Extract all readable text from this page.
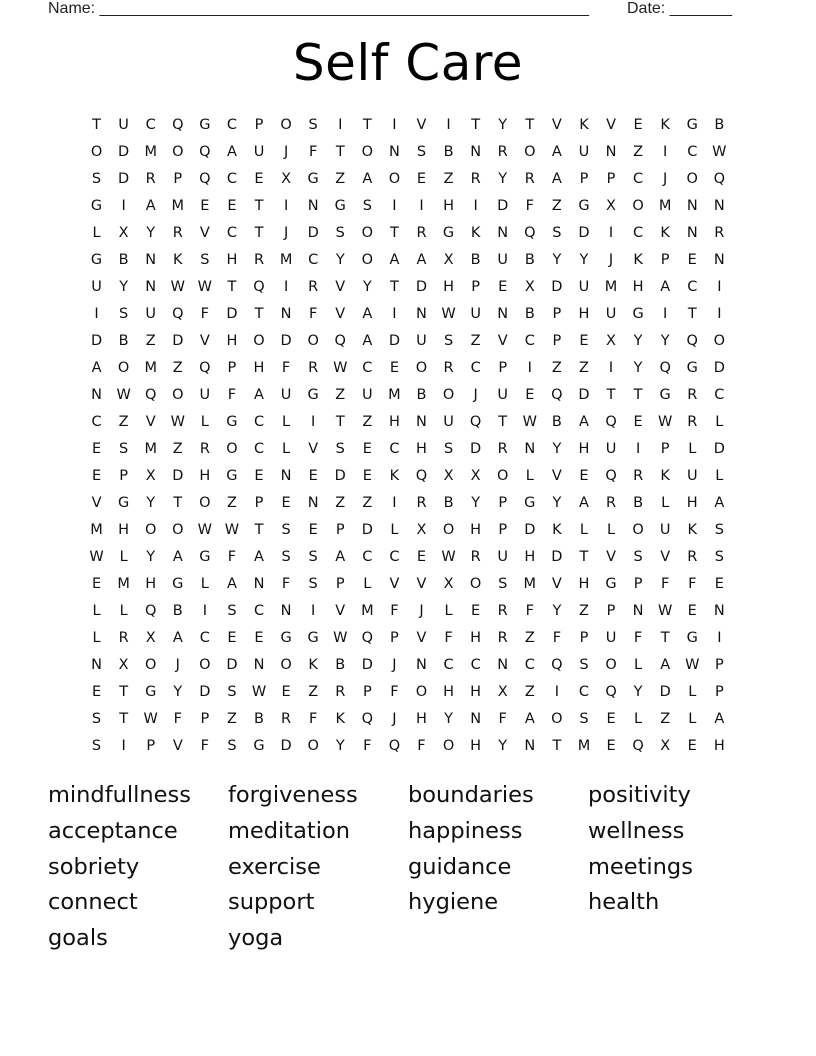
Name: _______________________________________________________ Date: _______
Self Care
T	U	C	Q	G	C	P	O	S	I	T	I	V	I	T	Y	T	V	K	V	E	K	G	B
O	D	M	O	Q	A	U	J	F	T	O	N	S	B	N	R	O	A	U	N	Z	I	C	W
S	D	R	P	Q	C	E	X	G	Z	A	O	E	Z	R	Y	R	A	P	P	C	J	O	Q
G	I	A	M	E	E	T	I	N	G	S	I	I	H	I	D	F	Z	G	X	O	M	N	N
L	X	Y	R	V	C	T	J	D	S	O	T	R	G	K	N	Q	S	D	I	C	K	N	R
G	B	N	K	S	H	R	M	C	Y	O	A	A	X	B	U	B	Y	Y	J	K	P	E	N
U	Y	N W W	T	Q	I	R	V	Y	T	D	H	P	E	X	D	U	M	H	A	C	I
I	S	U	Q	F	D	T	N	F	V	A	I	N W	U	N	B	P	H	U	G	I	T	I
D	B	Z	D	V	H	O	D	O	Q	A	D	U	S	Z	V	C	P	E	X	Y	Y	Q	O
A	O	M	Z	Q	P	H	F	R	W	C	E	O	R	C	P	I	Z	Z	I	Y	Q	G	D
N W Q	O	U	F	A	U	G	Z	U	M	B	O	J	U	E	Q	D	T	T	G	R	C
C	Z	V	W	L	G	C	L	I	T	Z	H	N	U	Q	T	W	B	A	Q	E	W	R	L
E	S	M	Z	R	O	C	L	V	S	E	C	H	S	D	R	N	Y	H	U	I	P	L	D
E	P	X	D	H	G	E	N	E	D	E	K	Q	X	X	O	L	V	E	Q	R	K	U	L
V	G	Y	T	O	Z	P	E	N	Z	Z	I	R	B	Y	P	G	Y	A	R	B	L	H	A
M	H	O	O W W	T	S	E	P	D	L	X	O	H	P	D	K	L	L	O	U	K	S
W	L	Y	A	G	F	A	S	S	A	C	C	E	W	R	U	H	D	T	V	S	V	R	S
E	M	H	G	L	A	N	F	S	P	L	V	V	X	O	S	M	V	H	G	P	F	F	E
L	L	Q	B	I	S	C	N	I	V	M	F	J	L	E	R	F	Y	Z	P	N W	E	N
L	R	X	A	C	E	E	G	G W Q	P	V	F	H	R	Z	F	P	U	F	T	G	I
N	X	O	J	O	D	N	O	K	B	D	J	N	C	C	N	C	Q	S	O	L	A	W	P
E	T	G	Y	D	S	W	E	Z	R	P	F	O	H	H	X	Z	I	C	Q	Y	D	L	P
S	T	W	F	P	Z	B	R	F	K	Q	J	H	Y	N	F	A	O	S	E	L	Z	L	A
S	I	P	V	F	S	G	D	O	Y	F	Q	F	O	H	Y	N	T	M	E	Q	X	E	H
mindfullness	forgiveness	boundaries	positivity
acceptance	meditation	happiness	wellness
sobriety	exercise	guidance	meetings
connect	support	hygiene	health
goals	yoga
